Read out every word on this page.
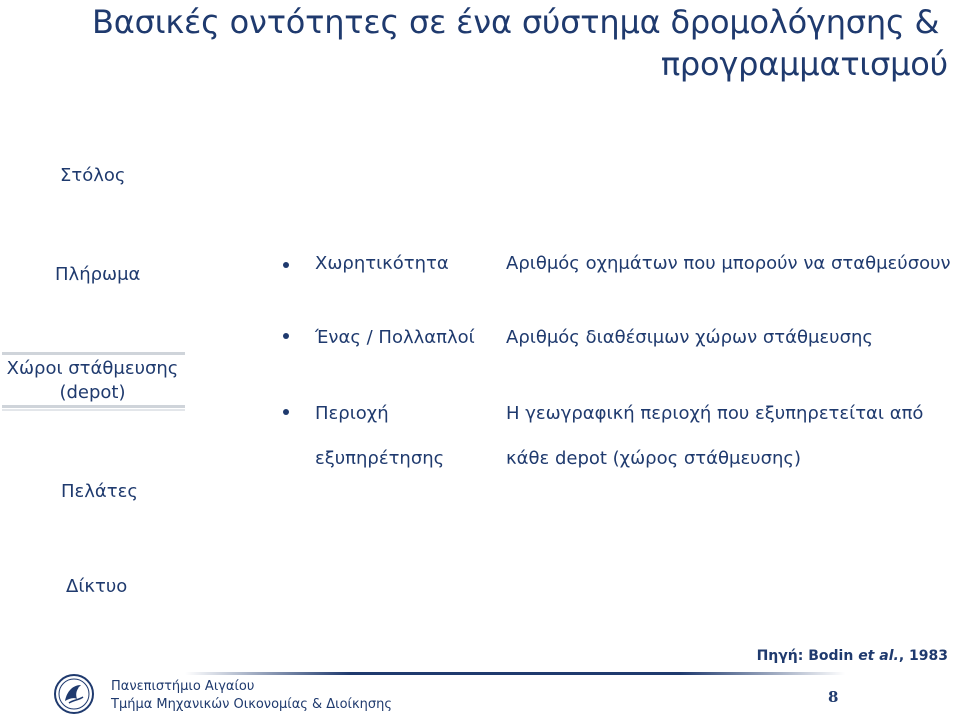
Βασικές οντότητες σε ένα σύστημα δρομολόγησης &
προγραμματισμού
Στόλος
Πλήρωμα
Χώροι στάθμευσης
(depot)
Πελάτες
Δίκτυο
Χωρητικότητα	Αριθμός οχημάτων που μπορούν να σταθμεύσουν
Ένας / Πολλαπλοί Αριθμός διαθέσιμων χώρων στάθμευσης
Περιοχή
εξυπηρέτησης
Η γεωγραφική περιοχή που εξυπηρετείται από
κάθε depot (χώρος στάθμευσης)
Πηγή: Bodin et al., 1983
Πανεπιστήμιο Αιγαίου
Τμήμα Μηχανικών Οικονομίας & Διοίκησης	8
